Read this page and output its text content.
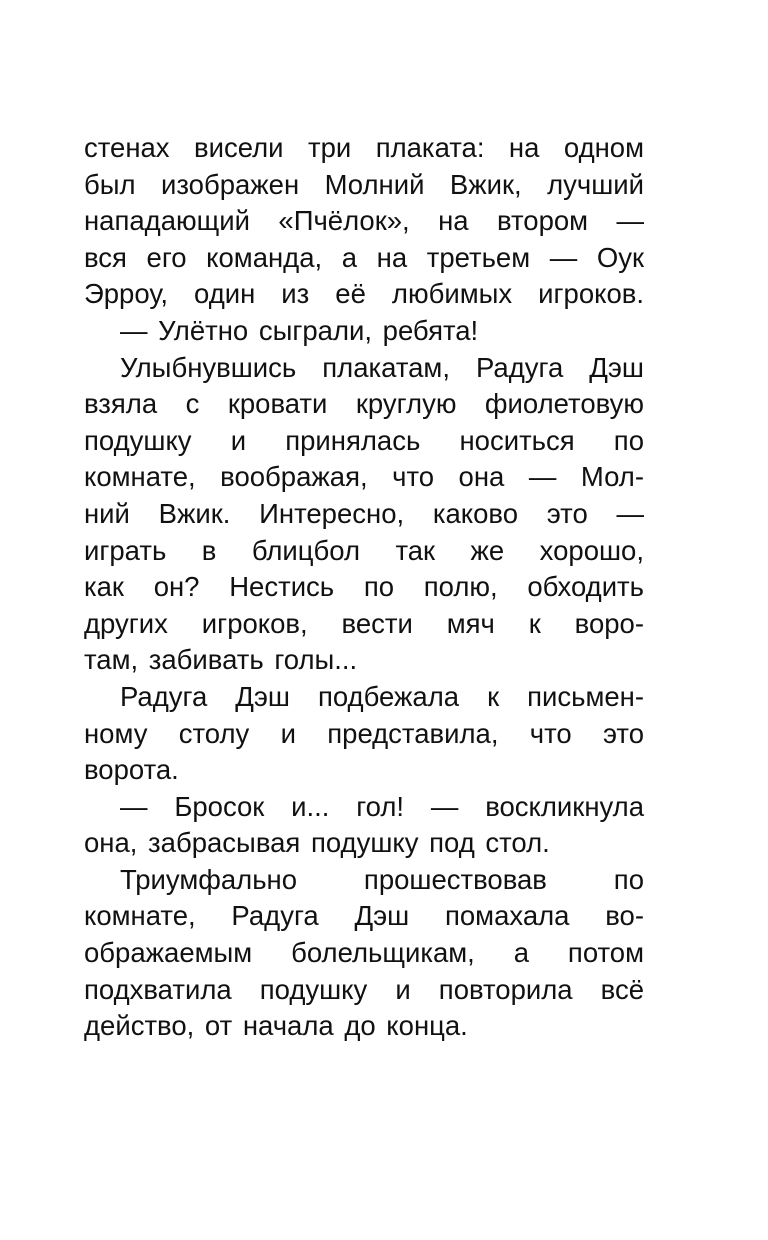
стенах висели три плаката: на одном
был изображен Молний Вжик, лучший
нападающий «Пчёлок», на втором —
вся его команда, а на третьем — Оук
Эрроу, один из её любимых игроков.
— Улётно сыграли, ребята!
Улыбнувшись плакатам, Радуга Дэш
взяла с кровати круглую фиолетовую
подушку и принялась носиться по
комнате, воображая, что она — Мол-
ний Вжик. Интересно, каково это —
играть в блицбол так же хорошо,
как он? Нестись по полю, обходить
других игроков, вести мяч к воро-
там, забивать голы...
Радуга Дэш подбежала к письмен-
ному столу и представила, что это
ворота.
— Бросок и... гол! — воскликнула
она, забрасывая подушку под стол.
Триумфально прошествовав по
комнате, Радуга Дэш помахала во-
ображаемым болельщикам, а потом
подхватила подушку и повторила всё
действо, от начала до конца.
